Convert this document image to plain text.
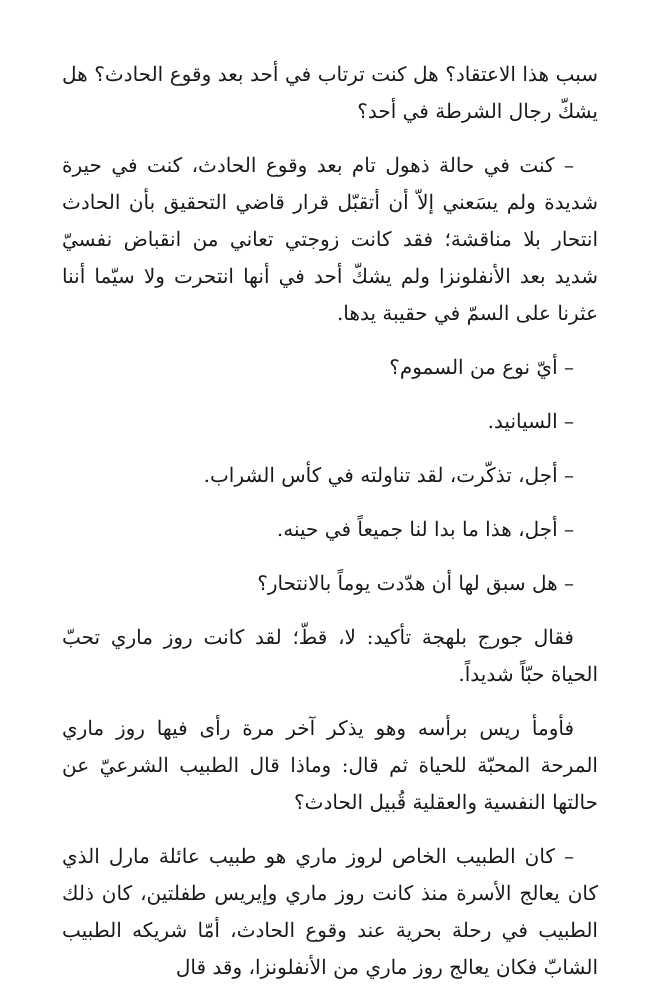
سبب هذا الاعتقاد؟ هل كنت ترتاب في أحد بعد وقوع الحادث؟ هل يشكّ رجال الشرطة في أحد؟

– كنت في حالة ذهول تام بعد وقوع الحادث، كنت في حيرة شديدة ولم يسَعني إلاّ أن أتقبّل قرار قاضي التحقيق بأن الحادث انتحار بلا مناقشة؛ فقد كانت زوجتي تعاني من انقباض نفسيّ شديد بعد الأنفلونزا ولم يشكّ أحد في أنها انتحرت ولا سيّما أننا عثرنا على السمّ في حقيبة يدها.

– أيّ نوع من السموم؟

– السيانيد.

– أجل، تذكّرت، لقد تناولته في كأس الشراب.

– أجل، هذا ما بدا لنا جميعاً في حينه.

– هل سبق لها أن هدّدت يوماً بالانتحار؟

فقال جورج بلهجة تأكيد: لا، قطّ؛ لقد كانت روز ماري تحبّ الحياة حبّاً شديداً.

فأومأ ريس برأسه وهو يذكر آخر مرة رأى فيها روز ماري المرحة المحبّة للحياة ثم قال: وماذا قال الطبيب الشرعيّ عن حالتها النفسية والعقلية قُبيل الحادث؟

– كان الطبيب الخاص لروز ماري هو طبيب عائلة مارل الذي كان يعالج الأسرة منذ كانت روز ماري وإيريس طفلتين، كان ذلك الطبيب في رحلة بحرية عند وقوع الحادث، أمّا شريكه الطبيب الشابّ فكان يعالج روز ماري من الأنفلونزا، وقد قال
